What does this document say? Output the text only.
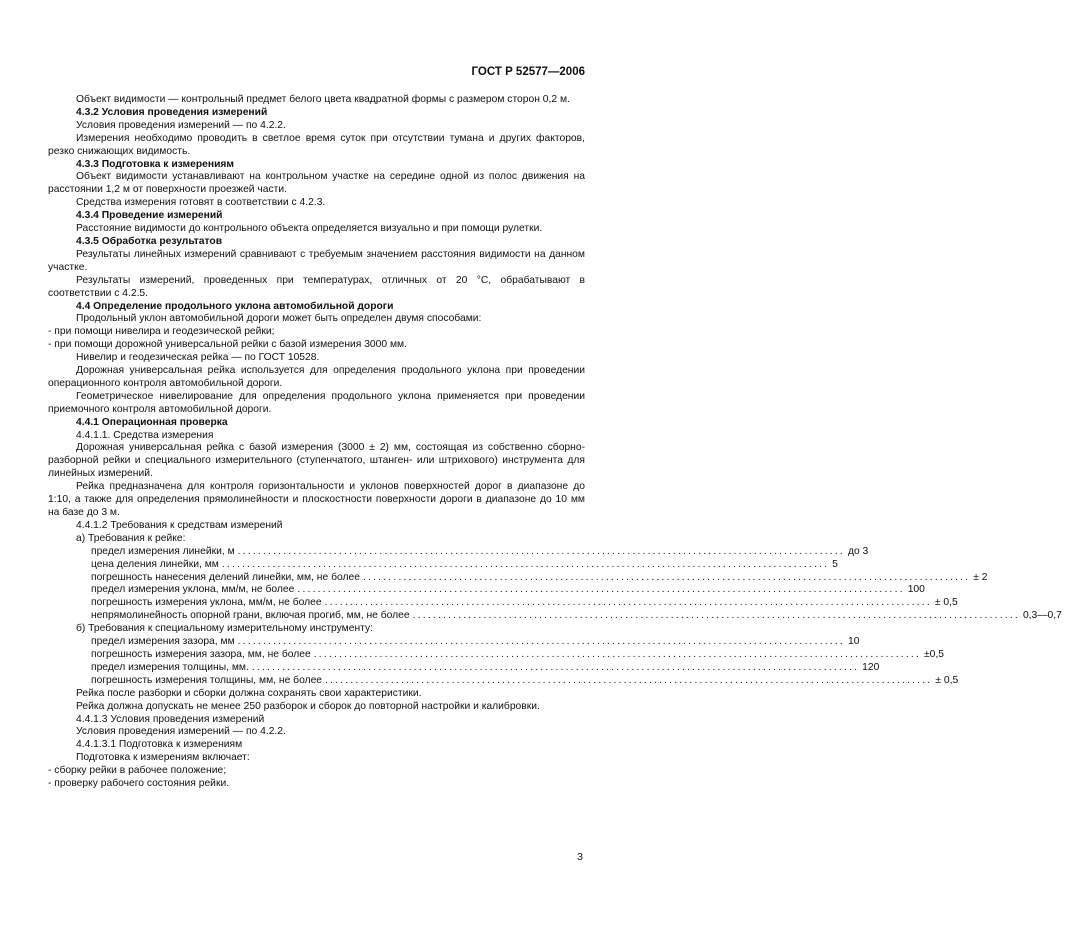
ГОСТ Р 52577—2006

Объект видимости — контрольный предмет белого цвета квадратной формы с размером сторон 0,2 м.

4.3.2 Условия проведения измерений

Условия проведения измерений — по 4.2.2.

Измерения необходимо проводить в светлое время суток при отсутствии тумана и других факторов, резко снижающих видимость.

4.3.3 Подготовка к измерениям

Объект видимости устанавливают на контрольном участке на середине одной из полос движения на расстоянии 1,2 м от поверхности проезжей части.

Средства измерения готовят в соответствии с 4.2.3.

4.3.4 Проведение измерений

Расстояние видимости до контрольного объекта определяется визуально и при помощи рулетки.

4.3.5 Обработка результатов

Результаты линейных измерений сравнивают с требуемым значением расстояния видимости на данном участке.

Результаты измерений, проведенных при температурах, отличных от 20 °С, обрабатывают в соответствии с 4.2.5.

4.4 Определение продольного уклона автомобильной дороги

Продольный уклон автомобильной дороги может быть определен двумя способами:

- при помощи нивелира и геодезической рейки;

- при помощи дорожной универсальной рейки с базой измерения 3000 мм.

Нивелир и геодезическая рейка — по ГОСТ 10528.

Дорожная универсальная рейка используется для определения продольного уклона при проведении операционного контроля автомобильной дороги.

Геометрическое нивелирование для определения продольного уклона применяется при проведении приемочного контроля автомобильной дороги.

4.4.1 Операционная проверка

4.4.1.1. Средства измерения

Дорожная универсальная рейка с базой измерения (3000 ± 2) мм, состоящая из собственно сборно-разборной рейки и специального измерительного (ступенчатого, штанген- или штрихового) инструмента для линейных измерений.

Рейка предназначена для контроля горизонтальности и уклонов поверхностей дорог в диапазоне до 1:10, а также для определения прямолинейности и плоскостности поверхности дороги в диапазоне до 10 мм на базе до 3 м.

4.4.1.2 Требования к средствам измерений

а) Требования к рейке:

предел измерения линейки, м ........................................................................................................................ до 3
цена деления линейки, мм ........................................................................................................................ 5
погрешность нанесения делений линейки, мм, не более ........................................................................................................................ ± 2
предел измерения уклона, мм/м, не более ........................................................................................................................ 100
погрешность измерения уклона, мм/м, не более ........................................................................................................................ ± 0,5
непрямолинейность опорной грани, включая прогиб, мм, не более ........................................................................................................................ 0,3—0,7

б) Требования к специальному измерительному инструменту:

предел измерения зазора, мм ........................................................................................................................ 10
погрешность измерения зазора, мм, не более ........................................................................................................................ ±0,5
предел измерения толщины, мм. ........................................................................................................................ 120
погрешность измерения толщины, мм, не более ........................................................................................................................ ± 0,5

Рейка после разборки и сборки должна сохранять свои характеристики.

Рейка должна допускать не менее 250 разборок и сборок до повторной настройки и калибровки.

4.4.1.3 Условия проведения измерений

Условия проведения измерений — по 4.2.2.

4.4.1.3.1 Подготовка к измерениям

Подготовка к измерениям включает:

- сборку рейки в рабочее положение;

- проверку рабочего состояния рейки.

3
